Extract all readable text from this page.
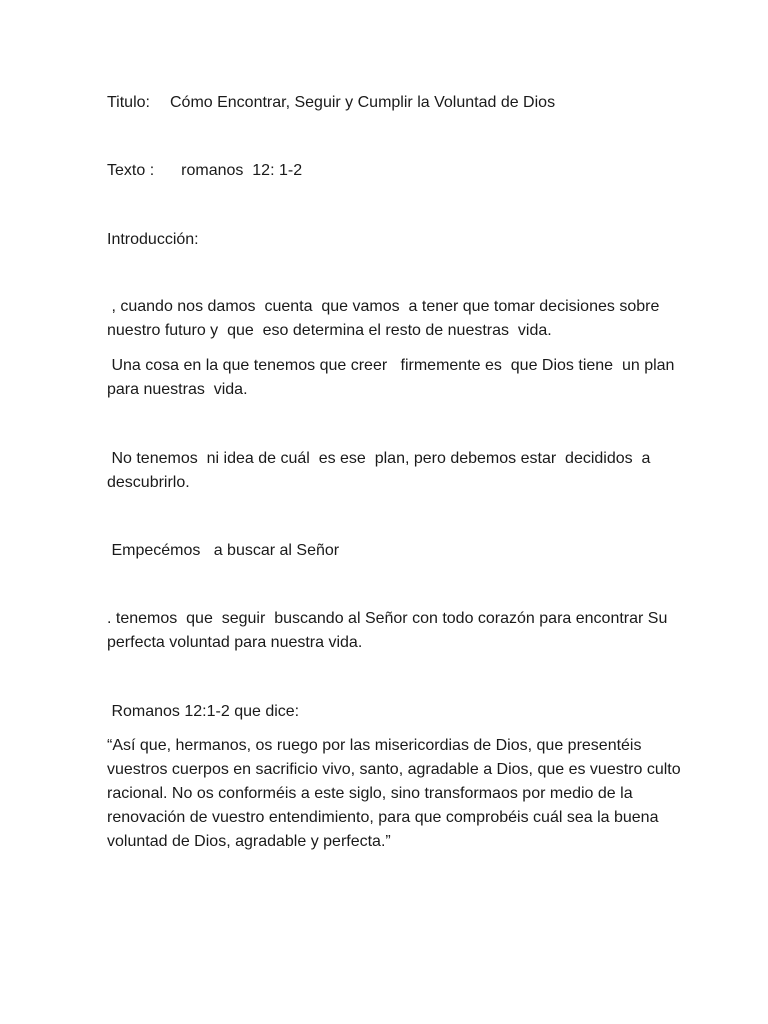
Titulo: Cómo Encontrar, Seguir y Cumplir la Voluntad de Dios

Texto : romanos  12: 1-2

Introducción:

, cuando nos damos  cuenta  que vamos  a tener que tomar decisiones sobre nuestro futuro y  que  eso determina el resto de nuestras  vida.

Una cosa en la que tenemos que creer   firmemente es  que Dios tiene  un plan para nuestras  vida.

No tenemos  ni idea de cuál  es ese  plan, pero debemos estar  decididos  a descubrirlo.

Empecémos   a buscar al Señor

. tenemos  que  seguir  buscando al Señor con todo corazón para encontrar Su perfecta voluntad para nuestra vida.

Romanos 12:1-2 que dice:

“Así que, hermanos, os ruego por las misericordias de Dios, que presentéis vuestros cuerpos en sacrificio vivo, santo, agradable a Dios, que es vuestro culto racional. No os conforméis a este siglo, sino transformaos por medio de la renovación de vuestro entendimiento, para que comprobéis cuál sea la buena voluntad de Dios, agradable y perfecta.”
